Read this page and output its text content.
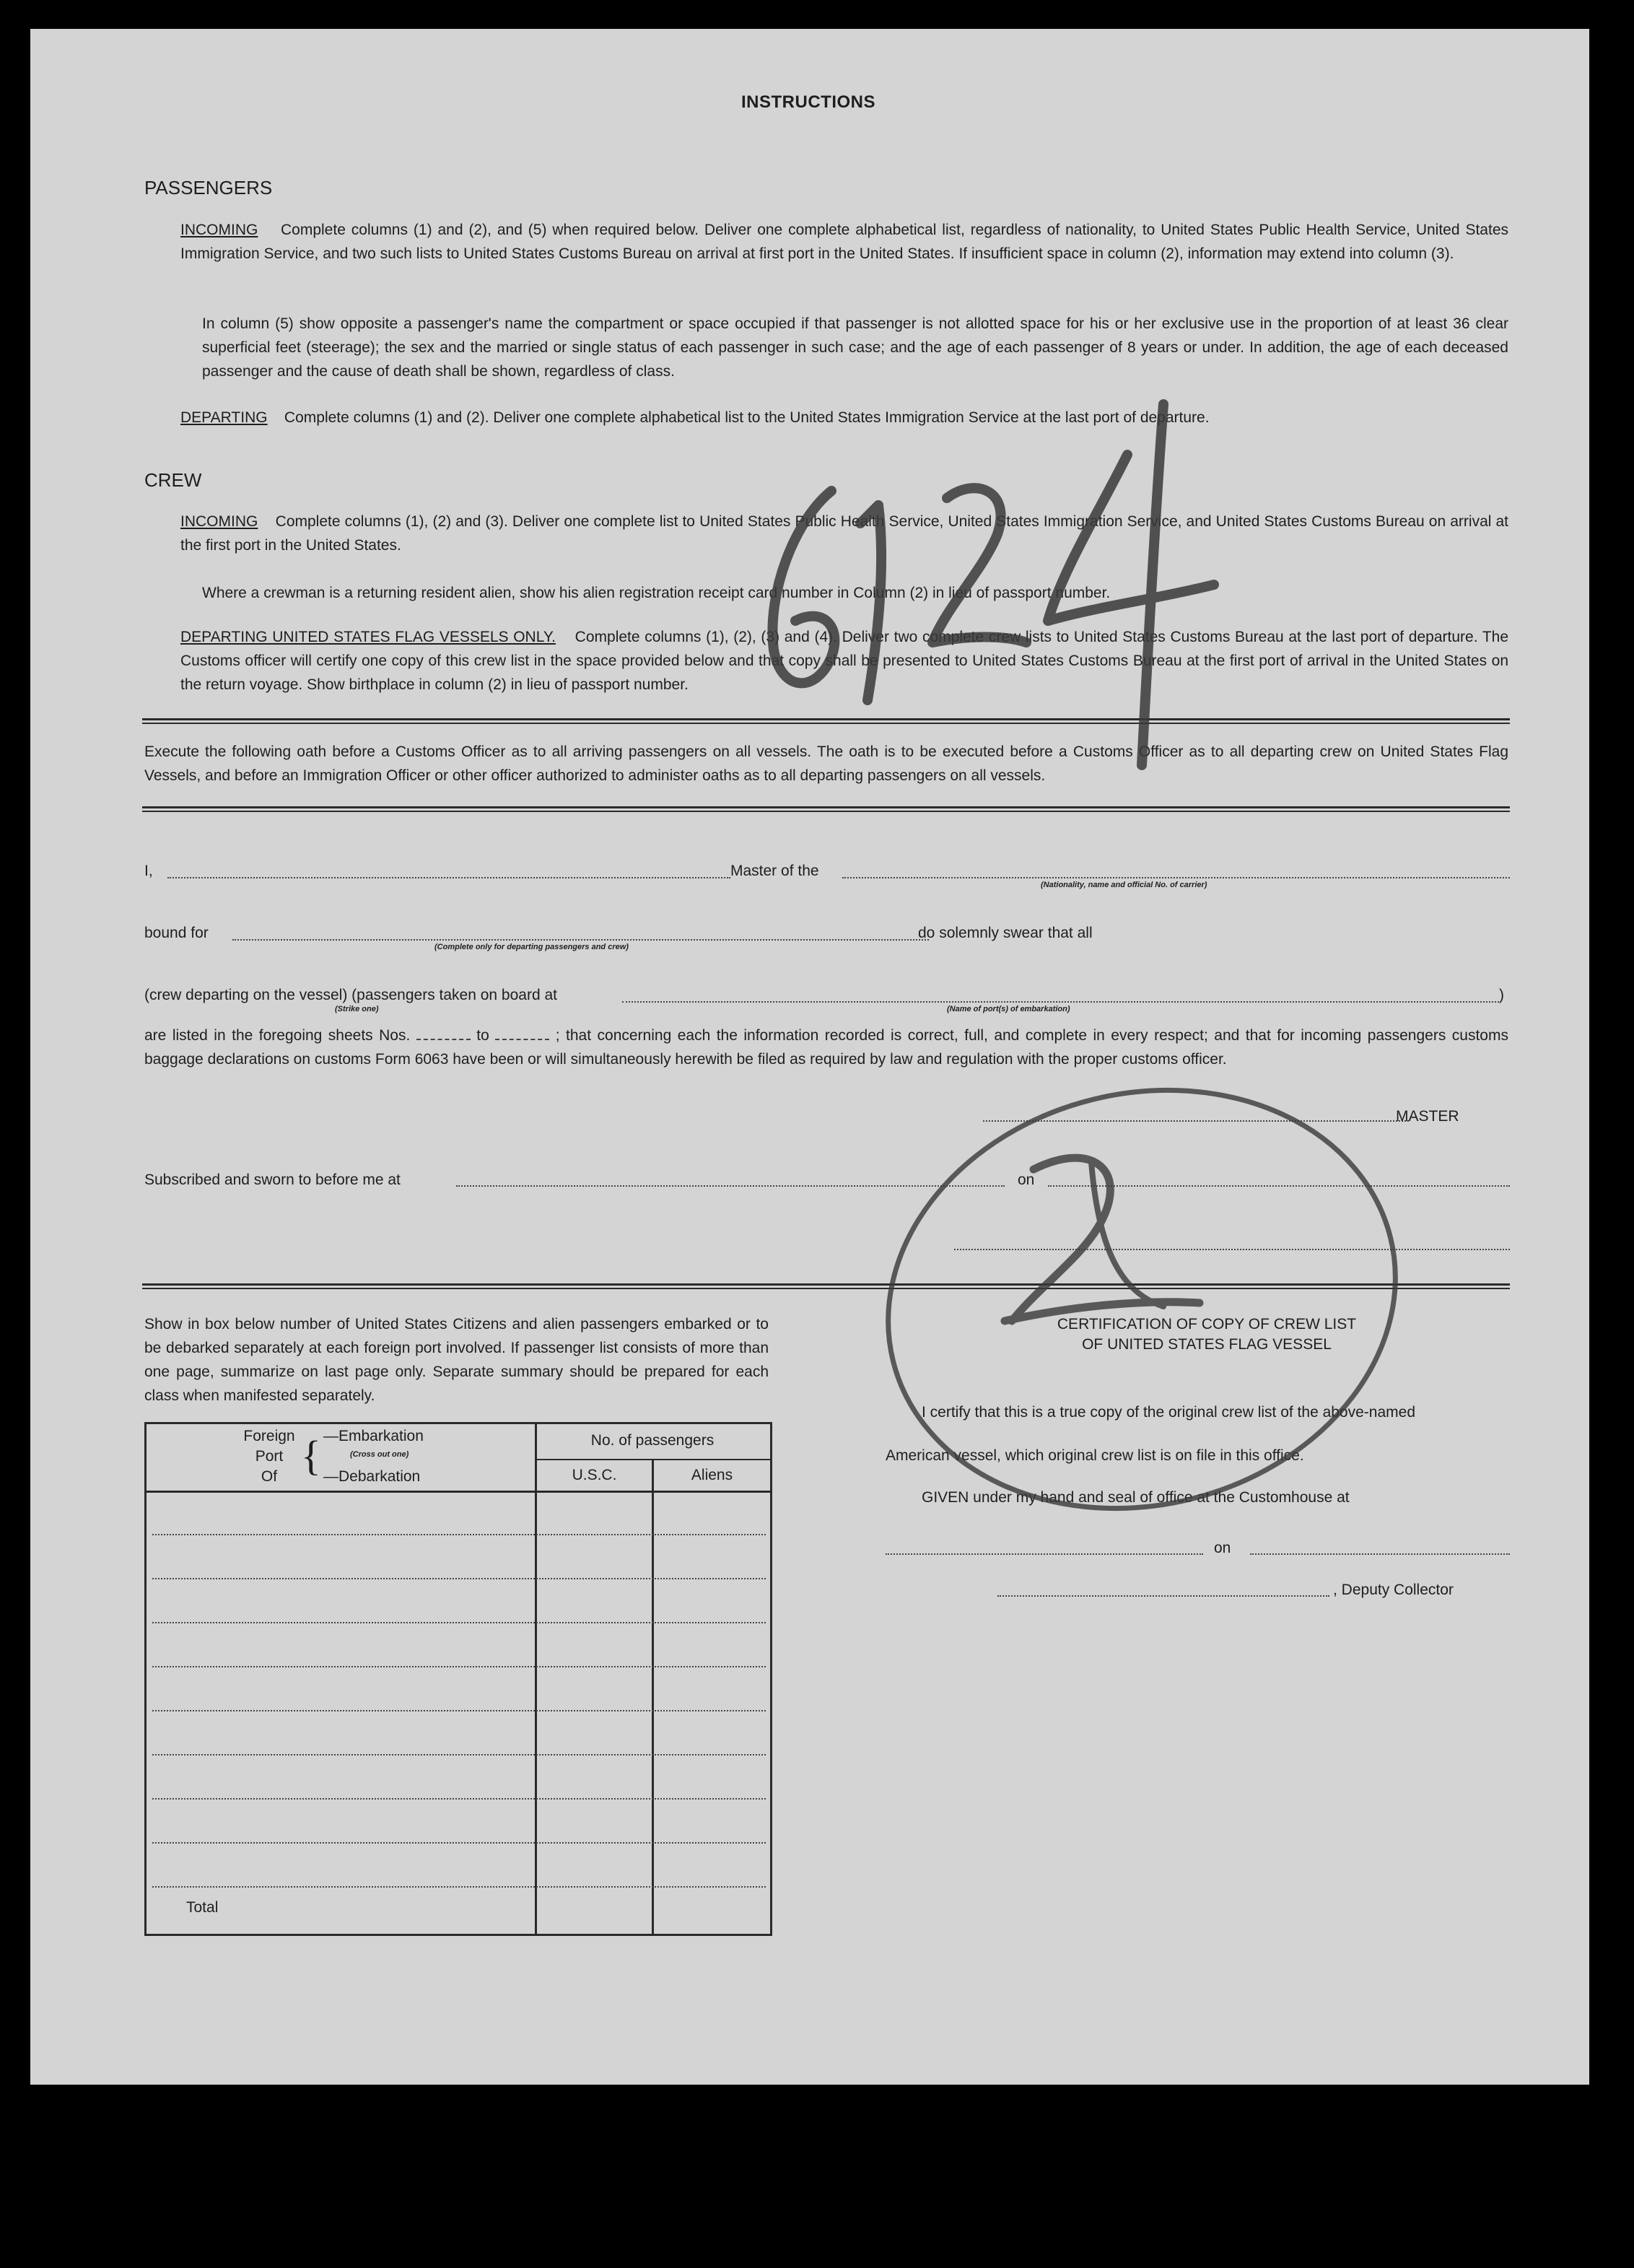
INSTRUCTIONS
PASSENGERS
INCOMING Complete columns (1) and (2), and (5) when required below. Deliver one complete alphabetical list, regardless of nationality, to United States Public Health Service, United States Immigration Service, and two such lists to United States Customs Bureau on arrival at first port in the United States. If insufficient space in column (2), information may extend into column (3).
In column (5) show opposite a passenger's name the compartment or space occupied if that passenger is not allotted space for his or her exclusive use in the proportion of at least 36 clear superficial feet (steerage); the sex and the married or single status of each passenger in such case; and the age of each passenger of 8 years or under. In addition, the age of each deceased passenger and the cause of death shall be shown, regardless of class.
DEPARTING Complete columns (1) and (2). Deliver one complete alphabetical list to the United States Immigration Service at the last port of departure.
CREW
INCOMING Complete columns (1), (2) and (3). Deliver one complete list to United States Public Health Service, United States Immigration Service, and United States Customs Bureau on arrival at the first port in the United States.
Where a crewman is a returning resident alien, show his alien registration receipt card number in Column (2) in lieu of passport number.
DEPARTING UNITED STATES FLAG VESSELS ONLY. Complete columns (1), (2), (3) and (4). Deliver two complete crew lists to United States Customs Bureau at the last port of departure. The Customs officer will certify one copy of this crew list in the space provided below and that copy shall be presented to United States Customs Bureau at the first port of arrival in the United States on the return voyage. Show birthplace in column (2) in lieu of passport number.
Execute the following oath before a Customs Officer as to all arriving passengers on all vessels. The oath is to be executed before a Customs Officer as to all departing crew on United States Flag Vessels, and before an Immigration Officer or other officer authorized to administer oaths as to all departing passengers on all vessels.
I,	Master of the
(Nationality, name and official No. of carrier)
bound for
(Complete only for departing passengers and crew)
do solemnly swear that all
(crew departing on the vessel) (passengers taken on board at	)
(Strike one)	(Name of port(s) of embarkation)
are listed in the foregoing sheets Nos.	to	; that concerning each the information recorded is correct, full, and complete in every respect; and that for incoming passengers customs baggage declarations on customs Form 6063 have been or will simultaneously herewith be filed as required by law and regulation with the proper customs officer.
MASTER
Subscribed and sworn to before me at	on
Show in box below number of United States Citizens and alien passengers embarked or to be debarked separately at each foreign port involved. If passenger list consists of more than one page, summarize on last page only. Separate summary should be prepared for each class when manifested separately.
Foreign
Port
Of { —Embarkation
(Cross out one)
—Debarkation
No. of passengers
U.S.C.	Aliens
Total
CERTIFICATION OF COPY OF CREW LIST
OF UNITED STATES FLAG VESSEL
I certify that this is a true copy of the original crew list of the above-named
American vessel, which original crew list is on file in this office.
GIVEN under my hand and seal of office at the Customhouse at
on
, Deputy Collector
